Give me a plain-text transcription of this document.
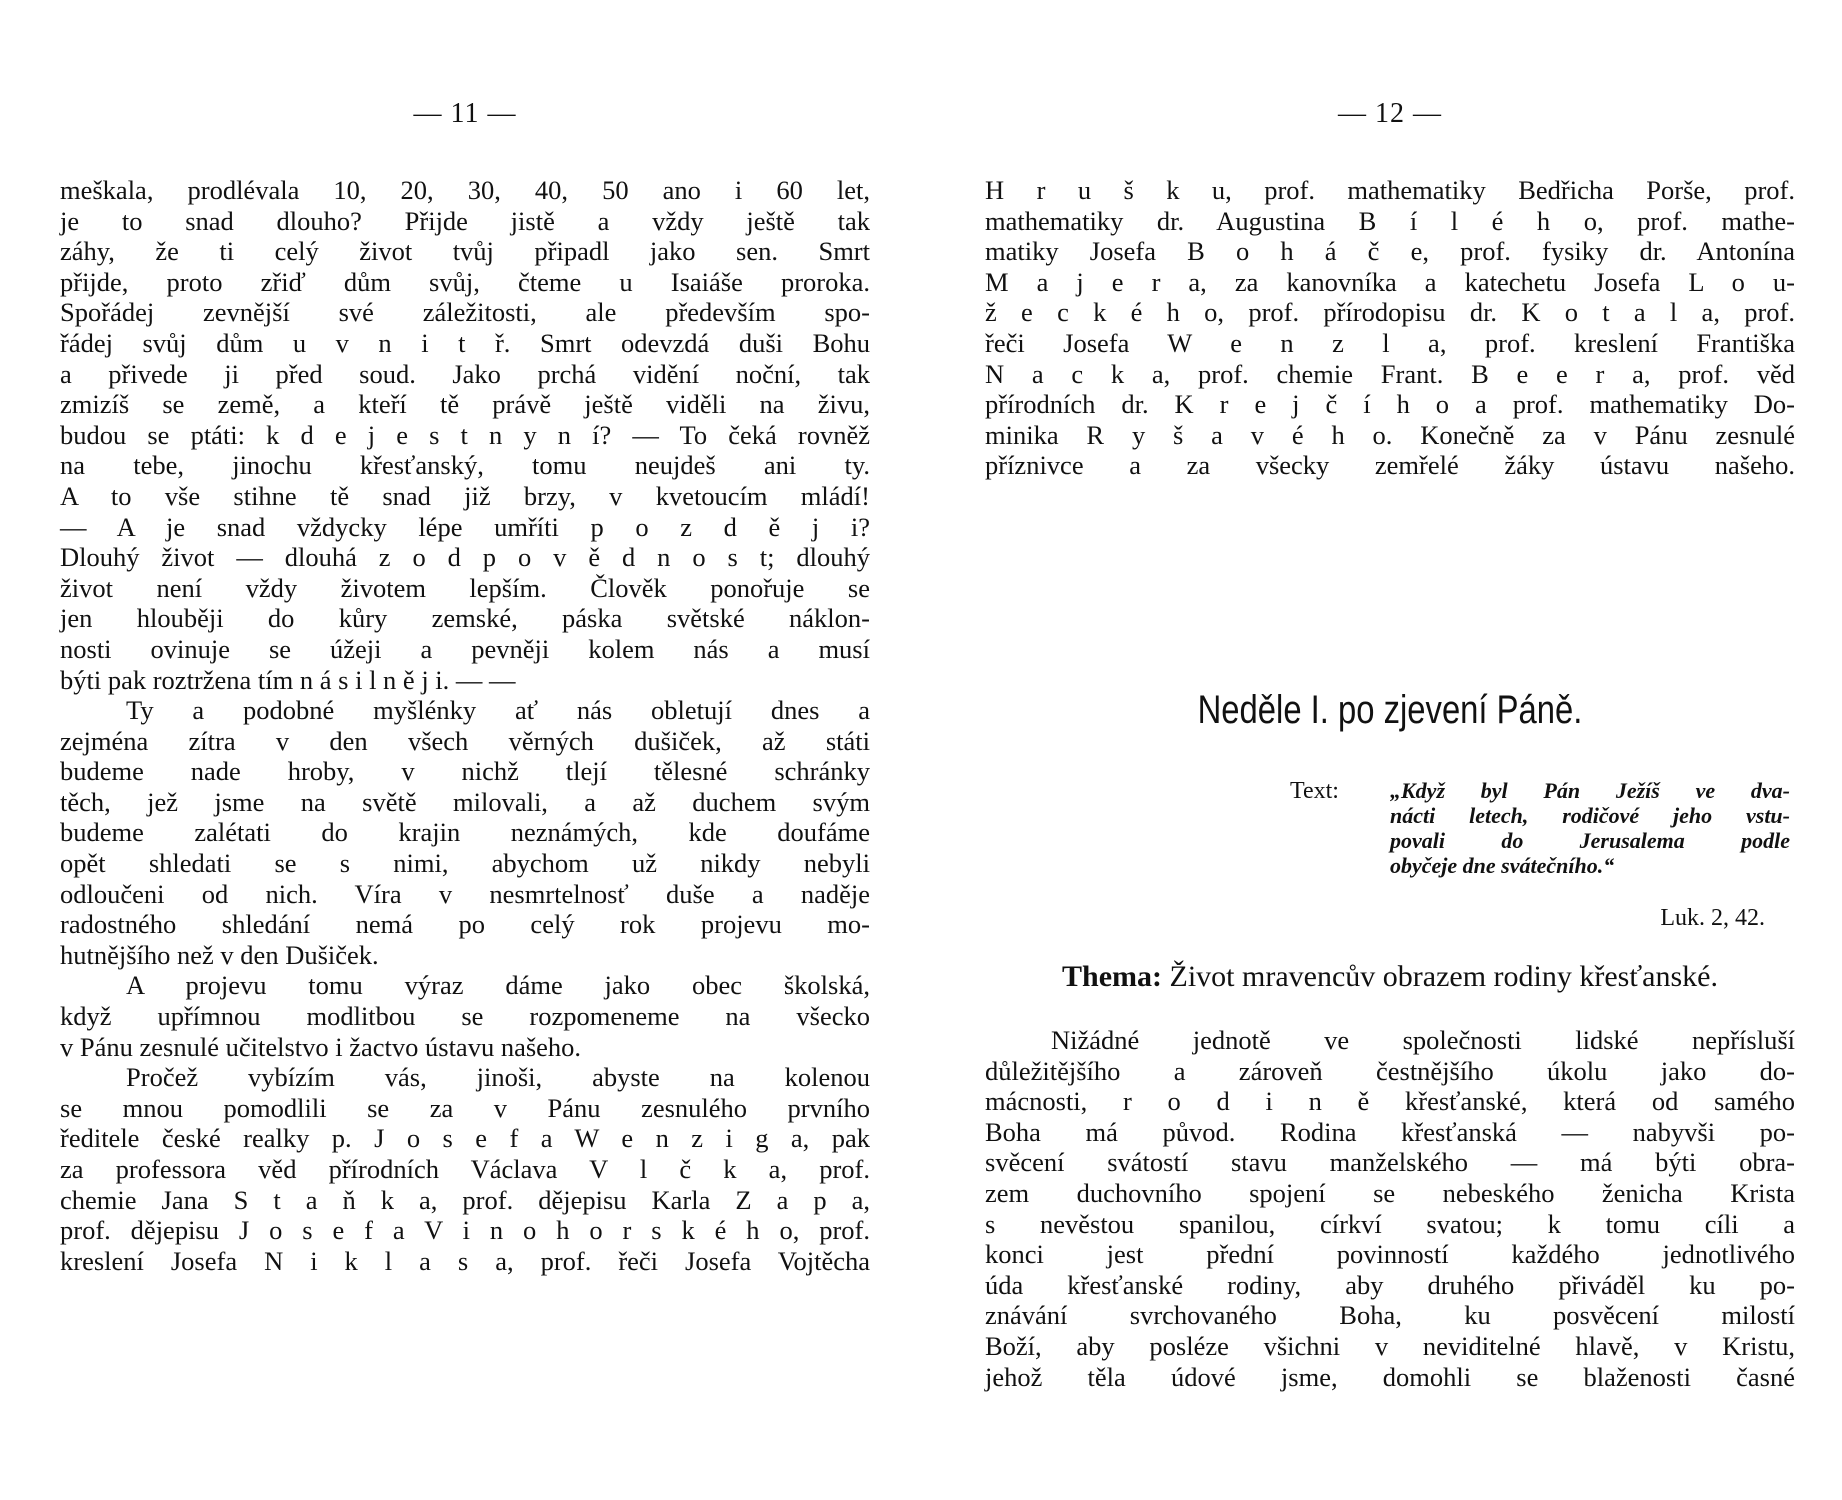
— 11 —
meškala, prodlévala 10, 20, 30, 40, 50 ano i 60 let,
je to snad dlouho? Přijde jistě a vždy ještě tak
záhy, že ti celý život tvůj připadl jako sen. Smrt
přijde, proto zřiď dům svůj, čteme u Isaiáše proroka.
Spořádej zevnější své záležitosti, ale především spo-
řádej svůj dům u v n i t ř. Smrt odevzdá duši Bohu
a přivede ji před soud. Jako prchá vidění noční, tak
zmizíš se země, a kteří tě právě ještě viděli na živu,
budou se ptáti: k d e j e s t n y n í? — To čeká rovněž
na tebe, jinochu křesťanský, tomu neujdeš ani ty.
A to vše stihne tě snad již brzy, v kvetoucím mládí!
— A je snad vždycky lépe umříti p o z d ě j i?
Dlouhý život — dlouhá z o d p o v ě d n o s t; dlouhý
život není vždy životem lepším. Člověk ponořuje se
jen hlouběji do kůry zemské, páska světské náklon-
nosti ovinuje se úžeji a pevněji kolem nás a musí
býti pak roztržena tím n á s i l n ě j i. — —
Ty a podobné myšlénky ať nás obletují dnes a
zejména zítra v den všech věrných dušiček, až státi
budeme nade hroby, v nichž tlejí tělesné schránky
těch, jež jsme na světě milovali, a až duchem svým
budeme zalétati do krajin neznámých, kde doufáme
opět shledati se s nimi, abychom už nikdy nebyli
odloučeni od nich. Víra v nesmrtelnosť duše a naděje
radostného shledání nemá po celý rok projevu mo-
hutnějšího než v den Dušiček.
A projevu tomu výraz dáme jako obec školská,
když upřímnou modlitbou se rozpomeneme na všecko
v Pánu zesnulé učitelstvo i žactvo ústavu našeho.
Pročež vybízím vás, jinoši, abyste na kolenou
se mnou pomodlili se za v Pánu zesnulého prvního
ředitele české realky p. J o s e f a W e n z i g a, pak
za professora věd přírodních Václava V l č k a, prof.
chemie Jana S t a ň k a, prof. dějepisu Karla Z a p a,
prof. dějepisu J o s e f a V i n o h o r s k é h o, prof.
kreslení Josefa N i k l a s a, prof. řeči Josefa Vojtěcha
— 12 —
H r u š k u, prof. mathematiky Bedřicha Porše, prof.
mathematiky dr. Augustina B í l é h o, prof. mathe-
matiky Josefa B o h á č e, prof. fysiky dr. Antonína
M a j e r a, za kanovníka a katechetu Josefa L o u-
ž e c k é h o, prof. přírodopisu dr. K o t a l a, prof.
řeči Josefa W e n z l a, prof. kreslení Františka
N a c k a, prof. chemie Frant. B e e r a, prof. věd
přírodních dr. K r e j č í h o a prof. mathematiky Do-
minika R y š a v é h o. Konečně za v Pánu zesnulé
příznivce a za všecky zemřelé žáky ústavu našeho.
Neděle I. po zjevení Páně.
Text: „Když byl Pán Ježíš ve dva-
nácti letech, rodičové jeho vstu-
povali do Jerusalema podle
obyčeje dne svátečního.“
Luk. 2, 42.
Thema: Život mravencův obrazem rodiny křesťanské.
Nižádné jednotě ve společnosti lidské nepřísluší
důležitějšího a zároveň čestnějšího úkolu jako do-
mácnosti, r o d i n ě křesťanské, která od samého
Boha má původ. Rodina křesťanská — nabyvši po-
svěcení svátostí stavu manželského — má býti obra-
zem duchovního spojení se nebeského ženicha Krista
s nevěstou spanilou, církví svatou; k tomu cíli a
konci jest přední povinností každého jednotlivého
úda křesťanské rodiny, aby druhého přiváděl ku po-
znávání svrchovaného Boha, ku posvěcení milostí
Boží, aby posléze všichni v neviditelné hlavě, v Kristu,
jehož těla údové jsme, domohli se blaženosti časné
